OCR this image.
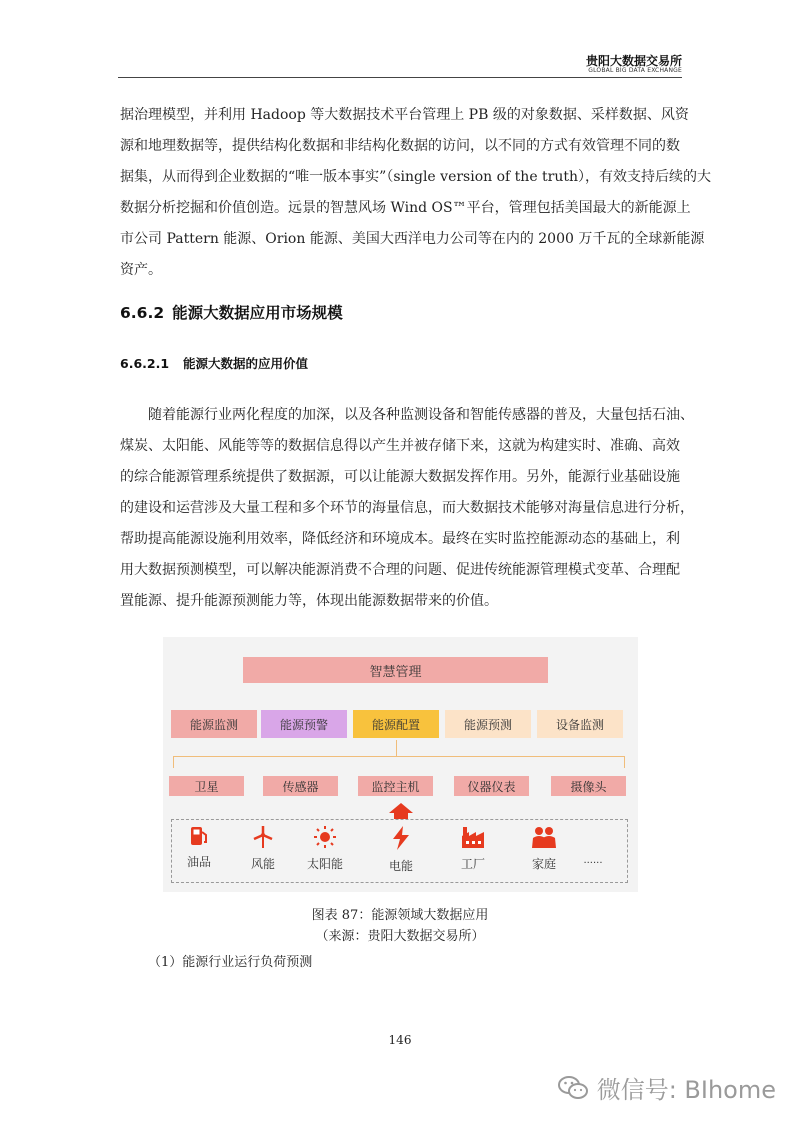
贵阳大数据交易所
GLOBAL BIG DATA EXCHANGE
据治理模型，并利用 Hadoop 等大数据技术平台管理上 PB 级的对象数据、采样数据、风资
源和地理数据等，提供结构化数据和非结构化数据的访问，以不同的方式有效管理不同的数
据集，从而得到企业数据的“唯一版本事实”（single version of the truth），有效支持后续的大
数据分析挖掘和价值创造。远景的智慧风场 Wind OS™平台，管理包括美国最大的新能源上
市公司 Pattern 能源、Orion 能源、美国大西洋电力公司等在内的 2000 万千瓦的全球新能源
资产。
6.6.2 能源大数据应用市场规模
6.6.2.1 能源大数据的应用价值
随着能源行业两化程度的加深，以及各种监测设备和智能传感器的普及，大量包括石油、
煤炭、太阳能、风能等等的数据信息得以产生并被存储下来，这就为构建实时、准确、高效
的综合能源管理系统提供了数据源，可以让能源大数据发挥作用。另外，能源行业基础设施
的建设和运营涉及大量工程和多个环节的海量信息，而大数据技术能够对海量信息进行分析，
帮助提高能源设施利用效率，降低经济和环境成本。最终在实时监控能源动态的基础上，利
用大数据预测模型，可以解决能源消费不合理的问题、促进传统能源管理模式变革、合理配
置能源、提升能源预测能力等，体现出能源数据带来的价值。
智慧管理
能源监测	能源预警	能源配置	能源预测	设备监测
卫星	传感器	监控主机	仪器仪表	摄像头
油品	风能	太阳能	电能	工厂	家庭	......
图表 87：能源领域大数据应用
（来源：贵阳大数据交易所）
（1）能源行业运行负荷预测
146
微信号: BIhome
